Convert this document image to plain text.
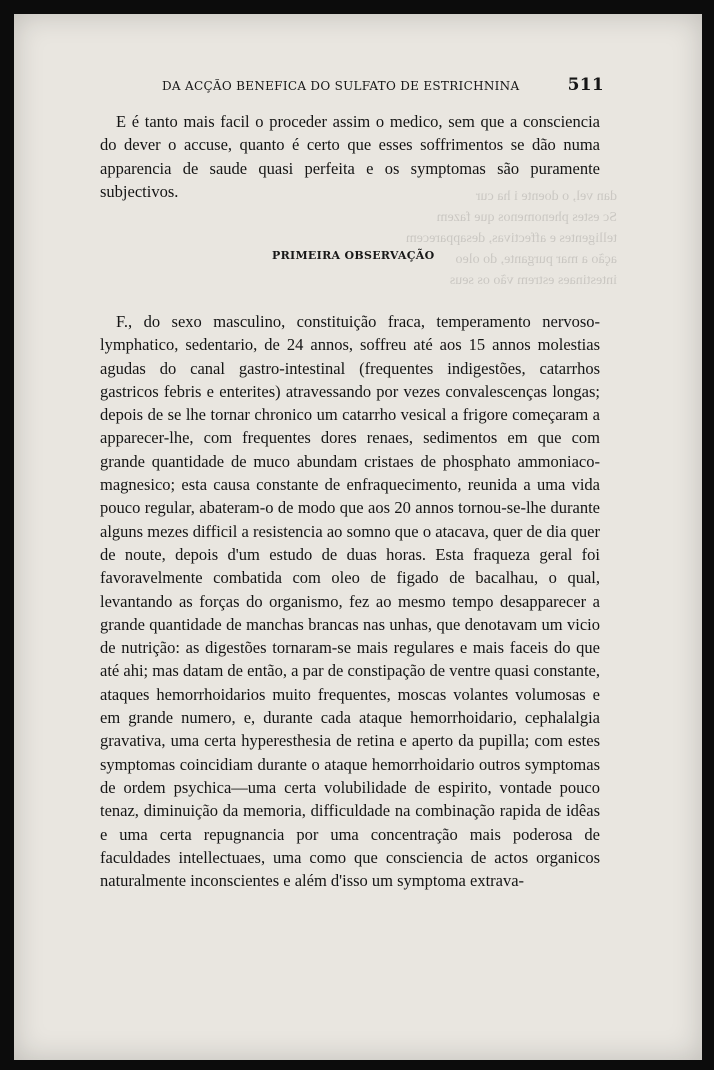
DA ACÇÃO BENEFICA DO SULFATO DE ESTRICHNINA	511
dan vel, o doente i ha cur
Sc estes phenomenos que fazem
telligentes e affectivas, desapparecem
ação a mar purgante, do oleo
intestinaes estrem vão os seus

E é tanto mais facil o proceder assim o medico, sem que a consciencia do dever o accuse, quanto é certo que esses soffrimentos se dão numa apparencia de saude quasi perfeita e os symptomas são puramente subjectivos.

PRIMEIRA OBSERVAÇÃO

F., do sexo masculino, constituição fraca, temperamento nervoso-lymphatico, sedentario, de 24 annos, soffreu até aos 15 annos molestias agudas do canal gastro-intestinal (frequentes indigestões, catarrhos gastricos febris e enterites) atravessando por vezes convalescenças longas; depois de se lhe tornar chronico um catarrho vesical a frigore começaram a apparecer-lhe, com frequentes dores renaes, sedimentos em que com grande quantidade de muco abundam cristaes de phosphato ammoniaco-magnesico; esta causa constante de enfraquecimento, reunida a uma vida pouco regular, abateram-o de modo que aos 20 annos tornou-se-lhe durante alguns mezes difficil a resistencia ao somno que o atacava, quer de dia quer de noute, depois d'um estudo de duas horas. Esta fraqueza geral foi favoravelmente combatida com oleo de figado de bacalhau, o qual, levantando as forças do organismo, fez ao mesmo tempo desapparecer a grande quantidade de manchas brancas nas unhas, que denotavam um vicio de nutrição: as digestões tornaram-se mais regulares e mais faceis do que até ahi; mas datam de então, a par de constipação de ventre quasi constante, ataques hemorrhoidarios muito frequentes, moscas volantes volumosas e em grande numero, e, durante cada ataque hemorrhoidario, cephalalgia gravativa, uma certa hyperesthesia de retina e aperto da pupilla; com estes symptomas coincidiam durante o ataque hemorrhoidario outros symptomas de ordem psychica—uma certa volubilidade de espirito, vontade pouco tenaz, diminuição da memoria, difficuldade na combinação rapida de idêas e uma certa repugnancia por uma concentração mais poderosa de faculdades intellectuaes, uma como que consciencia de actos organicos naturalmente inconscientes e além d'isso um symptoma extrava-
